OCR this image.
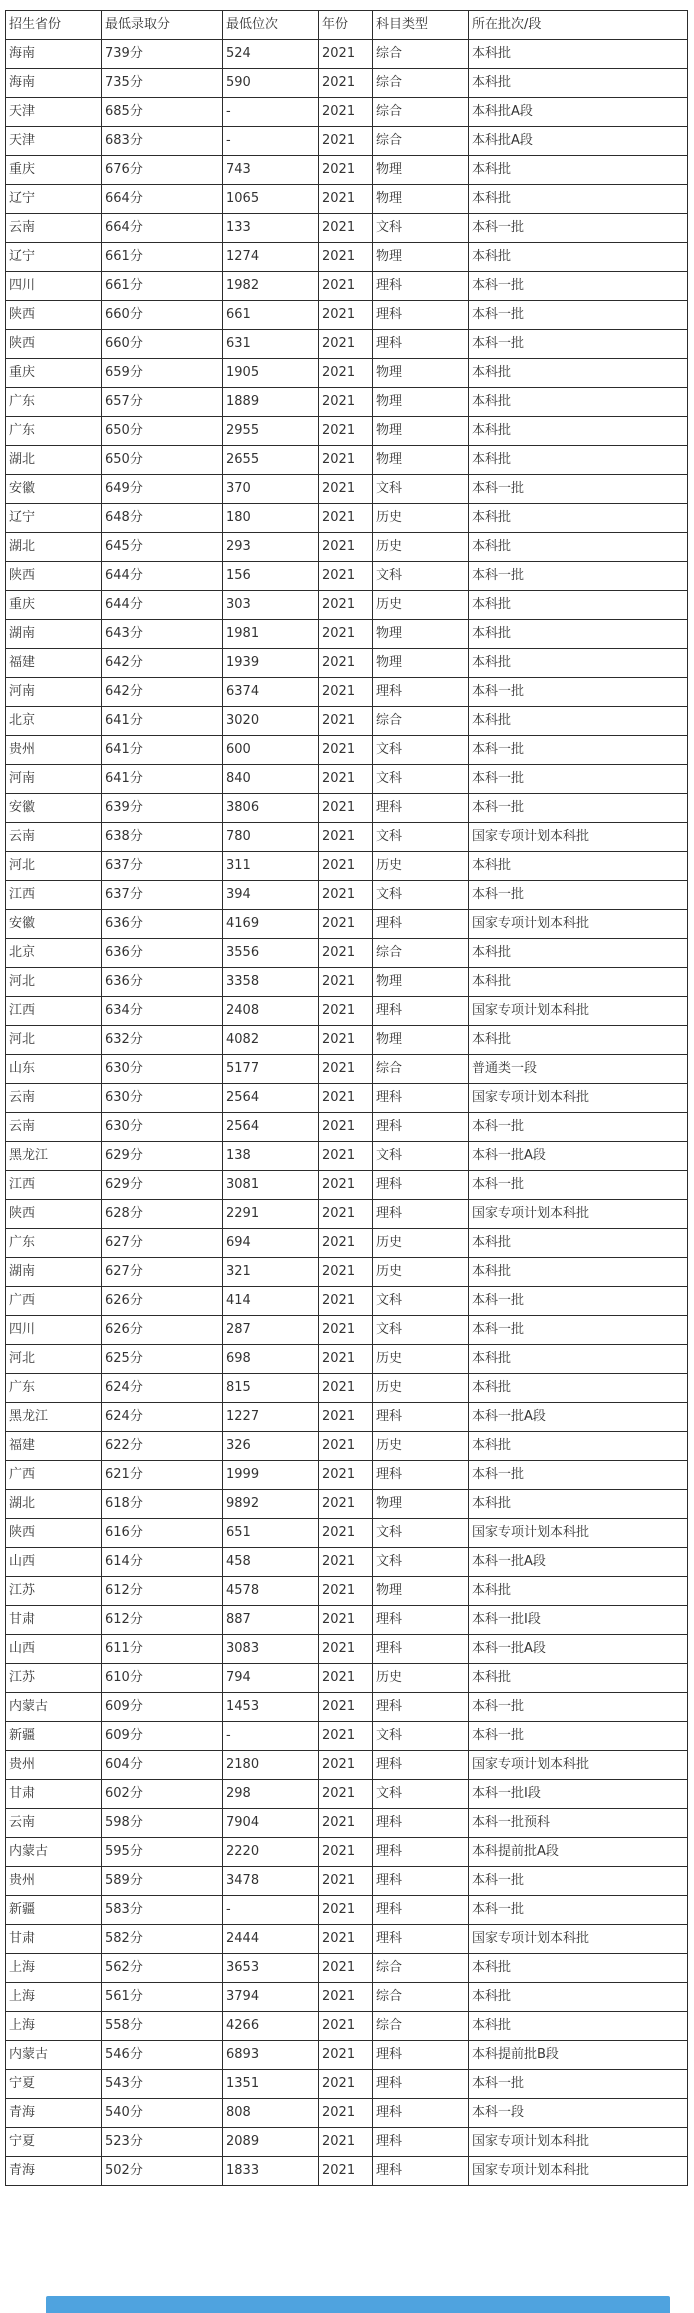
招生省份	最低录取分	最低位次	年份	科目类型	所在批次/段
海南	739分	524	2021	综合	本科批
海南	735分	590	2021	综合	本科批
天津	685分	-	2021	综合	本科批A段
天津	683分	-	2021	综合	本科批A段
重庆	676分	743	2021	物理	本科批
辽宁	664分	1065	2021	物理	本科批
云南	664分	133	2021	文科	本科一批
辽宁	661分	1274	2021	物理	本科批
四川	661分	1982	2021	理科	本科一批
陕西	660分	661	2021	理科	本科一批
陕西	660分	631	2021	理科	本科一批
重庆	659分	1905	2021	物理	本科批
广东	657分	1889	2021	物理	本科批
广东	650分	2955	2021	物理	本科批
湖北	650分	2655	2021	物理	本科批
安徽	649分	370	2021	文科	本科一批
辽宁	648分	180	2021	历史	本科批
湖北	645分	293	2021	历史	本科批
陕西	644分	156	2021	文科	本科一批
重庆	644分	303	2021	历史	本科批
湖南	643分	1981	2021	物理	本科批
福建	642分	1939	2021	物理	本科批
河南	642分	6374	2021	理科	本科一批
北京	641分	3020	2021	综合	本科批
贵州	641分	600	2021	文科	本科一批
河南	641分	840	2021	文科	本科一批
安徽	639分	3806	2021	理科	本科一批
云南	638分	780	2021	文科	国家专项计划本科批
河北	637分	311	2021	历史	本科批
江西	637分	394	2021	文科	本科一批
安徽	636分	4169	2021	理科	国家专项计划本科批
北京	636分	3556	2021	综合	本科批
河北	636分	3358	2021	物理	本科批
江西	634分	2408	2021	理科	国家专项计划本科批
河北	632分	4082	2021	物理	本科批
山东	630分	5177	2021	综合	普通类一段
云南	630分	2564	2021	理科	国家专项计划本科批
云南	630分	2564	2021	理科	本科一批
黑龙江	629分	138	2021	文科	本科一批A段
江西	629分	3081	2021	理科	本科一批
陕西	628分	2291	2021	理科	国家专项计划本科批
广东	627分	694	2021	历史	本科批
湖南	627分	321	2021	历史	本科批
广西	626分	414	2021	文科	本科一批
四川	626分	287	2021	文科	本科一批
河北	625分	698	2021	历史	本科批
广东	624分	815	2021	历史	本科批
黑龙江	624分	1227	2021	理科	本科一批A段
福建	622分	326	2021	历史	本科批
广西	621分	1999	2021	理科	本科一批
湖北	618分	9892	2021	物理	本科批
陕西	616分	651	2021	文科	国家专项计划本科批
山西	614分	458	2021	文科	本科一批A段
江苏	612分	4578	2021	物理	本科批
甘肃	612分	887	2021	理科	本科一批I段
山西	611分	3083	2021	理科	本科一批A段
江苏	610分	794	2021	历史	本科批
内蒙古	609分	1453	2021	理科	本科一批
新疆	609分	-	2021	文科	本科一批
贵州	604分	2180	2021	理科	国家专项计划本科批
甘肃	602分	298	2021	文科	本科一批I段
云南	598分	7904	2021	理科	本科一批预科
内蒙古	595分	2220	2021	理科	本科提前批A段
贵州	589分	3478	2021	理科	本科一批
新疆	583分	-	2021	理科	本科一批
甘肃	582分	2444	2021	理科	国家专项计划本科批
上海	562分	3653	2021	综合	本科批
上海	561分	3794	2021	综合	本科批
上海	558分	4266	2021	综合	本科批
内蒙古	546分	6893	2021	理科	本科提前批B段
宁夏	543分	1351	2021	理科	本科一批
青海	540分	808	2021	理科	本科一段
宁夏	523分	2089	2021	理科	国家专项计划本科批
青海	502分	1833	2021	理科	国家专项计划本科批
